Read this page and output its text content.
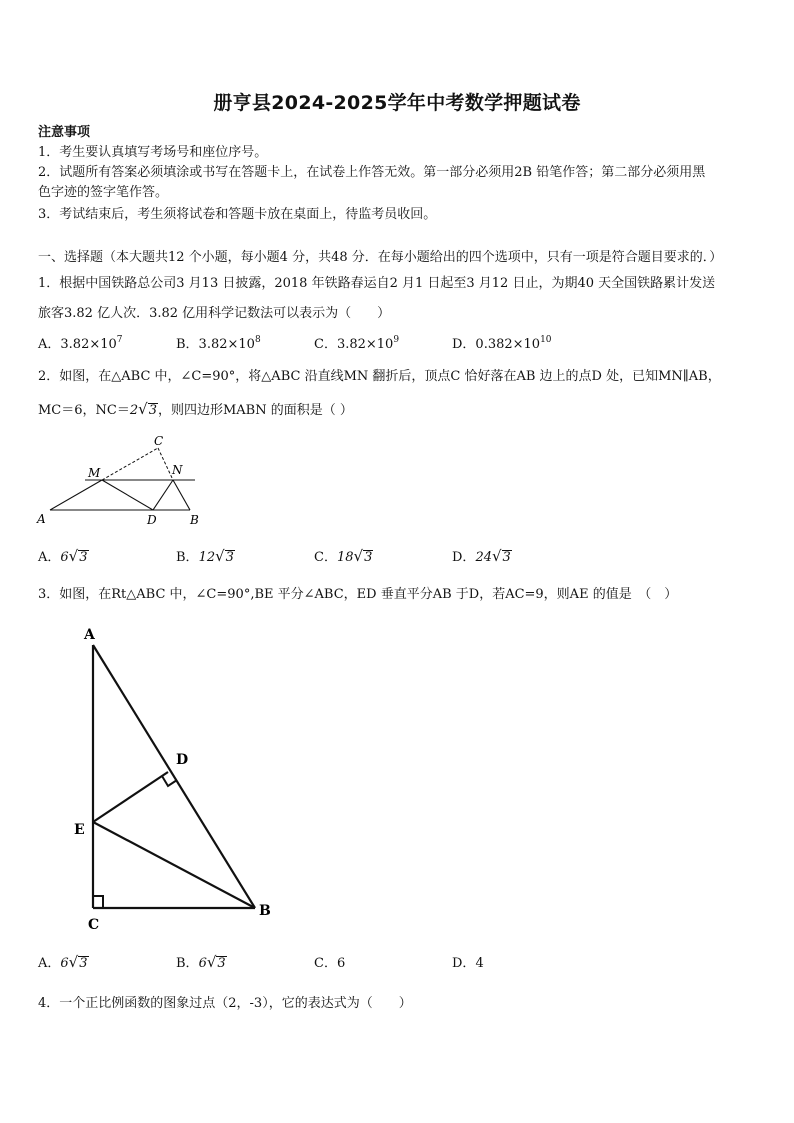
册亨县2024-2025学年中考数学押题试卷
注意事项
1．考生要认真填写考场号和座位序号。
2．试题所有答案必须填涂或书写在答题卡上，在试卷上作答无效。第一部分必须用2B 铅笔作答；第二部分必须用黑
色字迹的签字笔作答。
3．考试结束后，考生须将试卷和答题卡放在桌面上，待监考员收回。
一、选择题（本大题共12 个小题，每小题4 分，共48 分．在每小题给出的四个选项中，只有一项是符合题目要求的．）
1．根据中国铁路总公司3 月13 日披露，2018 年铁路春运自2 月1 日起至3 月12 日止，为期40 天全国铁路累计发送
旅客3.82 亿人次．3.82 亿用科学记数法可以表示为（　　）
A．$3.82\times 10^7$	B．$3.82\times 10^8$	C．$3.82\times 10^9$	D．$0.382\times 10^{10}$
2．如图，在△ABC 中，∠C=90°，将△ABC 沿直线MN 翻折后，顶点C 恰好落在AB 边上的点D 处，已知MN∥AB，
MC＝6，NC＝2√3，则四边形MABN 的面积是（ ）
C
M	N
A	D	B
A．6√3	B．12√3	C．18√3	D．24√3
3．如图，在Rt△ABC 中，∠C=90°,BE 平分∠ABC，ED 垂直平分AB 于D，若AC=9，则AE 的值是　（　）
A
D
E
C
B
A．6√3	B．6√3	C．6	D．4
4．一个正比例函数的图象过点（2，-3），它的表达式为（　　）
